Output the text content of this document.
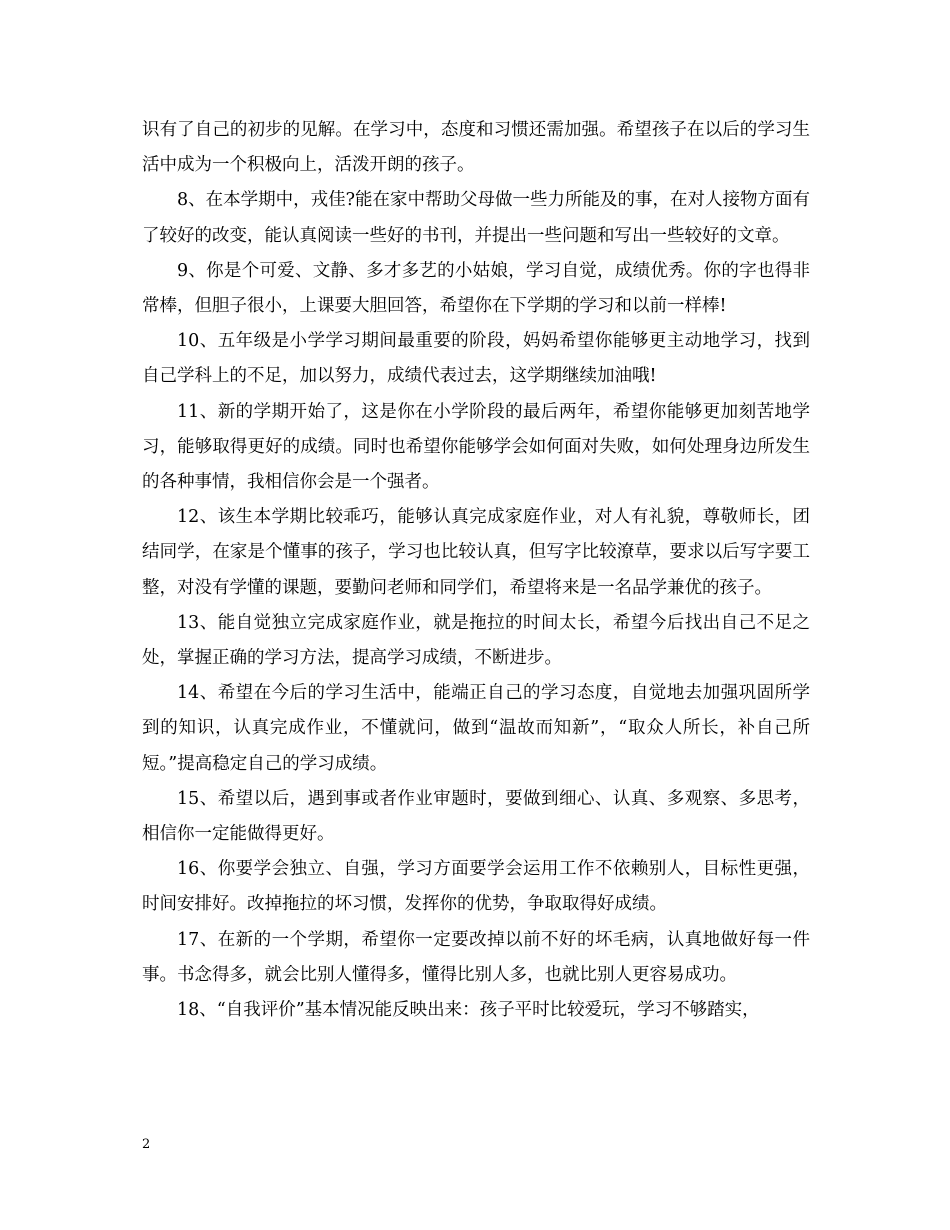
识有了自己的初步的见解。在学习中，态度和习惯还需加强。希望孩子在以后的学习生活中成为一个积极向上，活泼开朗的孩子。

8、在本学期中，戎佳?能在家中帮助父母做一些力所能及的事，在对人接物方面有了较好的改变，能认真阅读一些好的书刊，并提出一些问题和写出一些较好的文章。

9、你是个可爱、文静、多才多艺的小姑娘，学习自觉，成绩优秀。你的字也得非常棒，但胆子很小，上课要大胆回答，希望你在下学期的学习和以前一样棒!

10、五年级是小学学习期间最重要的阶段，妈妈希望你能够更主动地学习，找到自己学科上的不足，加以努力，成绩代表过去，这学期继续加油哦!

11、新的学期开始了，这是你在小学阶段的最后两年，希望你能够更加刻苦地学习，能够取得更好的成绩。同时也希望你能够学会如何面对失败，如何处理身边所发生的各种事情，我相信你会是一个强者。

12、该生本学期比较乖巧，能够认真完成家庭作业，对人有礼貌，尊敬师长，团结同学，在家是个懂事的孩子，学习也比较认真，但写字比较潦草，要求以后写字要工整，对没有学懂的课题，要勤问老师和同学们，希望将来是一名品学兼优的孩子。

13、能自觉独立完成家庭作业，就是拖拉的时间太长，希望今后找出自己不足之处，掌握正确的学习方法，提高学习成绩，不断进步。

14、希望在今后的学习生活中，能端正自己的学习态度，自觉地去加强巩固所学到的知识，认真完成作业，不懂就问，做到“温故而知新”，“取众人所长，补自己所短。”提高稳定自己的学习成绩。

15、希望以后，遇到事或者作业审题时，要做到细心、认真、多观察、多思考，相信你一定能做得更好。

16、你要学会独立、自强，学习方面要学会运用工作不依赖别人，目标性更强，时间安排好。改掉拖拉的坏习惯，发挥你的优势，争取取得好成绩。

17、在新的一个学期，希望你一定要改掉以前不好的坏毛病，认真地做好每一件事。书念得多，就会比别人懂得多，懂得比别人多，也就比别人更容易成功。

18、“自我评价”基本情况能反映出来：孩子平时比较爱玩，学习不够踏实，

2
